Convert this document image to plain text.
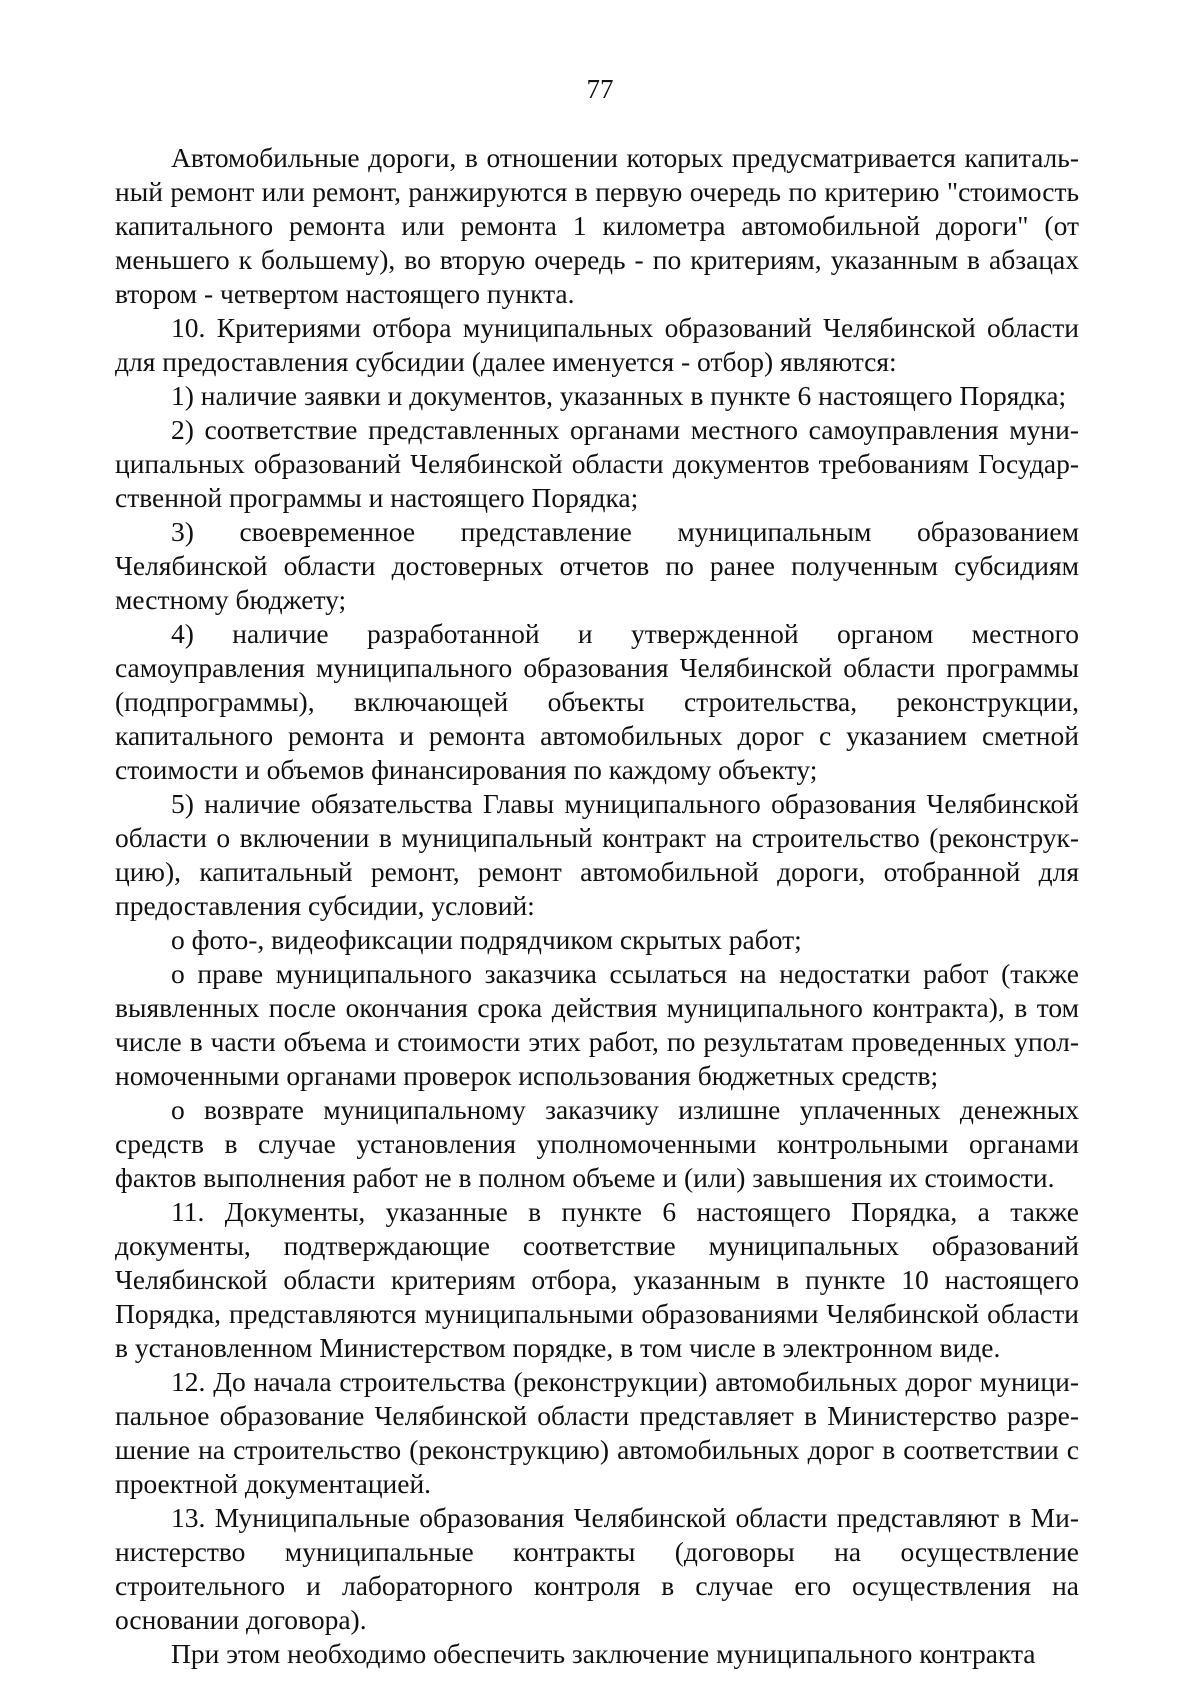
77

Автомобильные дороги, в отношении которых предусматривается капитальный ремонт или ремонт, ранжируются в первую очередь по критерию "стоимость капитального ремонта или ремонта 1 километра автомобильной дороги" (от меньшего к большему), во вторую очередь - по критериям, указанным в абзацах втором - четвертом настоящего пункта.

10. Критериями отбора муниципальных образований Челябинской области для предоставления субсидии (далее именуется - отбор) являются:

1) наличие заявки и документов, указанных в пункте 6 настоящего Порядка;

2) соответствие представленных органами местного самоуправления муниципальных образований Челябинской области документов требованиям Государственной программы и настоящего Порядка;

3) своевременное представление муниципальным образованием Челябинской области достоверных отчетов по ранее полученным субсидиям местному бюджету;

4) наличие разработанной и утвержденной органом местного самоуправления муниципального образования Челябинской области программы (подпрограммы), включающей объекты строительства, реконструкции, капитального ремонта и ремонта автомобильных дорог с указанием сметной стоимости и объемов финансирования по каждому объекту;

5) наличие обязательства Главы муниципального образования Челябинской области о включении в муниципальный контракт на строительство (реконструкцию), капитальный ремонт, ремонт автомобильной дороги, отобранной для предоставления субсидии, условий:

о фото-, видеофиксации подрядчиком скрытых работ;

о праве муниципального заказчика ссылаться на недостатки работ (также выявленных после окончания срока действия муниципального контракта), в том числе в части объема и стоимости этих работ, по результатам проведенных уполномоченными органами проверок использования бюджетных средств;

о возврате муниципальному заказчику излишне уплаченных денежных средств в случае установления уполномоченными контрольными органами фактов выполнения работ не в полном объеме и (или) завышения их стоимости.

11. Документы, указанные в пункте 6 настоящего Порядка, а также документы, подтверждающие соответствие муниципальных образований Челябинской области критериям отбора, указанным в пункте 10 настоящего Порядка, представляются муниципальными образованиями Челябинской области в установленном Министерством порядке, в том числе в электронном виде.

12. До начала строительства (реконструкции) автомобильных дорог муниципальное образование Челябинской области представляет в Министерство разрешение на строительство (реконструкцию) автомобильных дорог в соответствии с проектной документацией.

13. Муниципальные образования Челябинской области представляют в Министерство муниципальные контракты (договоры на осуществление строительного и лабораторного контроля в случае его осуществления на основании договора).

При этом необходимо обеспечить заключение муниципального контракта
